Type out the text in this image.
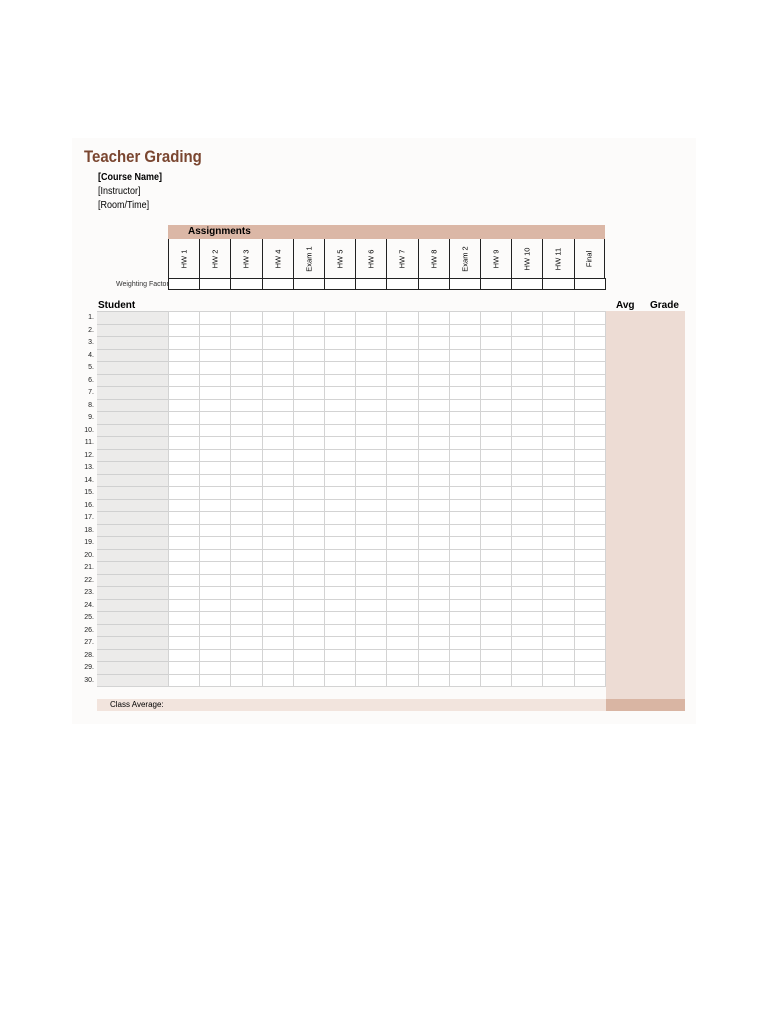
Teacher Grading
[Course Name]
[Instructor]
[Room/Time]
Assignments
HW 1	HW 2	HW 3	HW 4	Exam 1	HW 5	HW 6	HW 7	HW 8	Exam 2	HW 9	HW 10	HW 11	Final
Weighting Factor
Student	Avg Grade
1.
2.
3.
4.
5.
6.
7.
8.
9.
10.
11.
12.
13.
14.
15.
16.
17.
18.
19.
20.
21.
22.
23.
24.
25.
26.
27.
28.
29.
30.
Class Average:
